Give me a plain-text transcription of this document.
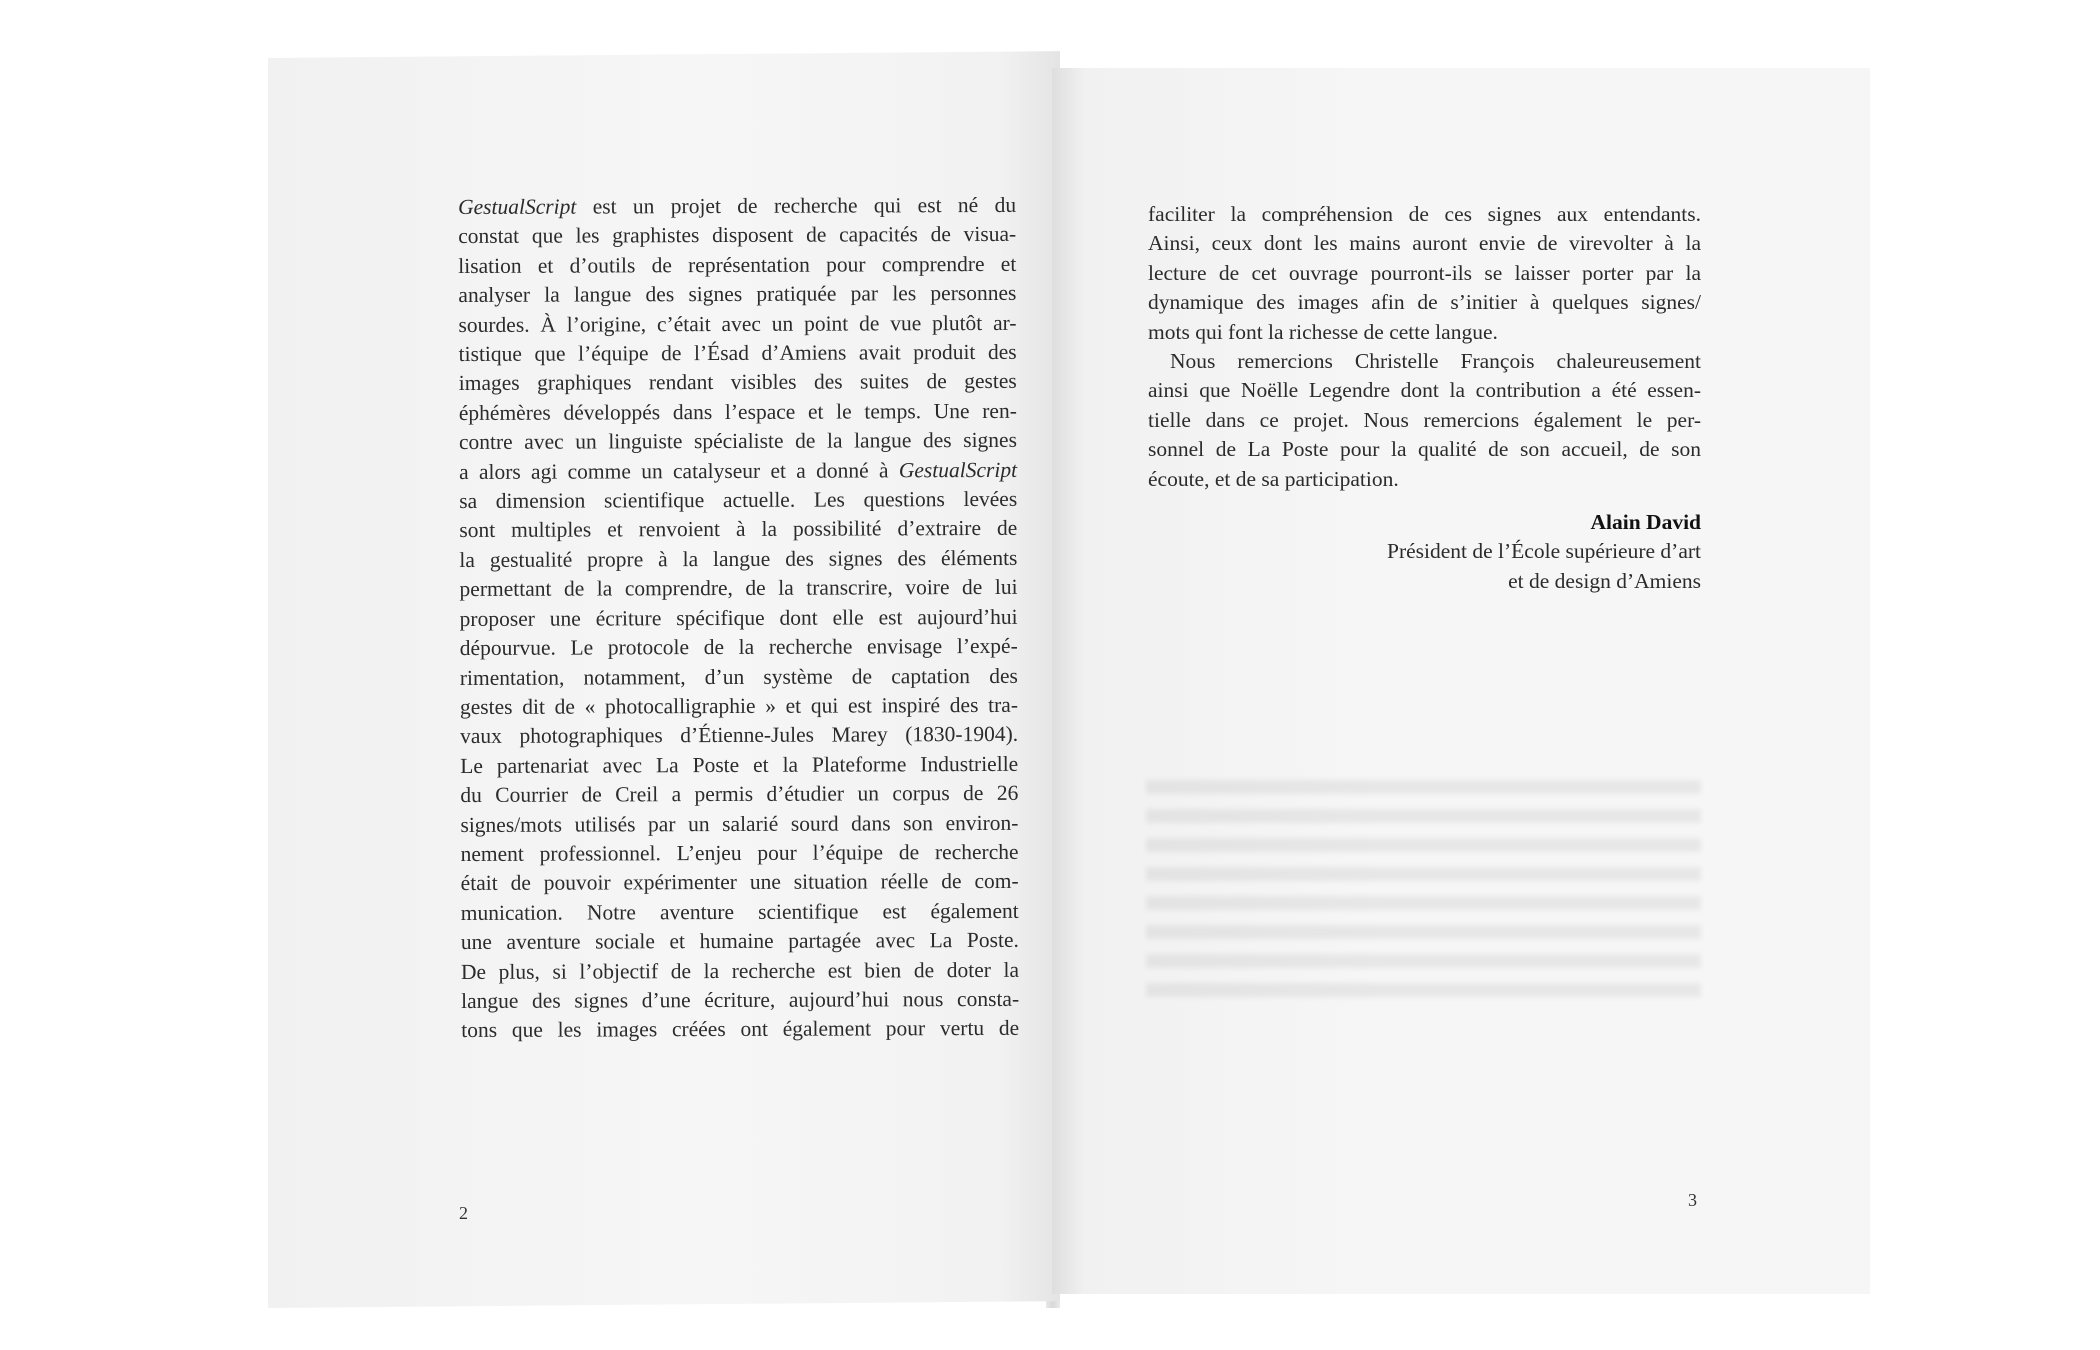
GestualScript est un projet de recherche qui est né du
constat que les graphistes disposent de capacités de visua-
lisation et d’outils de représentation pour comprendre et
analyser la langue des signes pratiquée par les personnes
sourdes. À l’origine, c’était avec un point de vue plutôt ar-
tistique que l’équipe de l’Ésad d’Amiens avait produit des
images graphiques rendant visibles des suites de gestes
éphémères développés dans l’espace et le temps. Une ren-
contre avec un linguiste spécialiste de la langue des signes
a alors agi comme un catalyseur et a donné à GestualScript
sa dimension scientifique actuelle. Les questions levées
sont multiples et renvoient à la possibilité d’extraire de
la gestualité propre à la langue des signes des éléments
permettant de la comprendre, de la transcrire, voire de lui
proposer une écriture spécifique dont elle est aujourd’hui
dépourvue. Le protocole de la recherche envisage l’expé-
rimentation, notamment, d’un système de captation des
gestes dit de « photocalligraphie » et qui est inspiré des tra-
vaux photographiques d’Étienne-Jules Marey (1830-1904).
Le partenariat avec La Poste et la Plateforme Industrielle
du Courrier de Creil a permis d’étudier un corpus de 26
signes/mots utilisés par un salarié sourd dans son environ-
nement professionnel. L’enjeu pour l’équipe de recherche
était de pouvoir expérimenter une situation réelle de com-
munication. Notre aventure scientifique est également
une aventure sociale et humaine partagée avec La Poste.
De plus, si l’objectif de la recherche est bien de doter la
langue des signes d’une écriture, aujourd’hui nous consta-
tons que les images créées ont également pour vertu de
faciliter la compréhension de ces signes aux entendants.
Ainsi, ceux dont les mains auront envie de virevolter à la
lecture de cet ouvrage pourront-ils se laisser porter par la
dynamique des images afin de s’initier à quelques signes/
mots qui font la richesse de cette langue.
Nous remercions Christelle François chaleureusement
ainsi que Noëlle Legendre dont la contribution a été essen-
tielle dans ce projet. Nous remercions également le per-
sonnel de La Poste pour la qualité de son accueil, de son
écoute, et de sa participation.
Alain David
Président de l’École supérieure d’art
et de design d’Amiens
2
3
